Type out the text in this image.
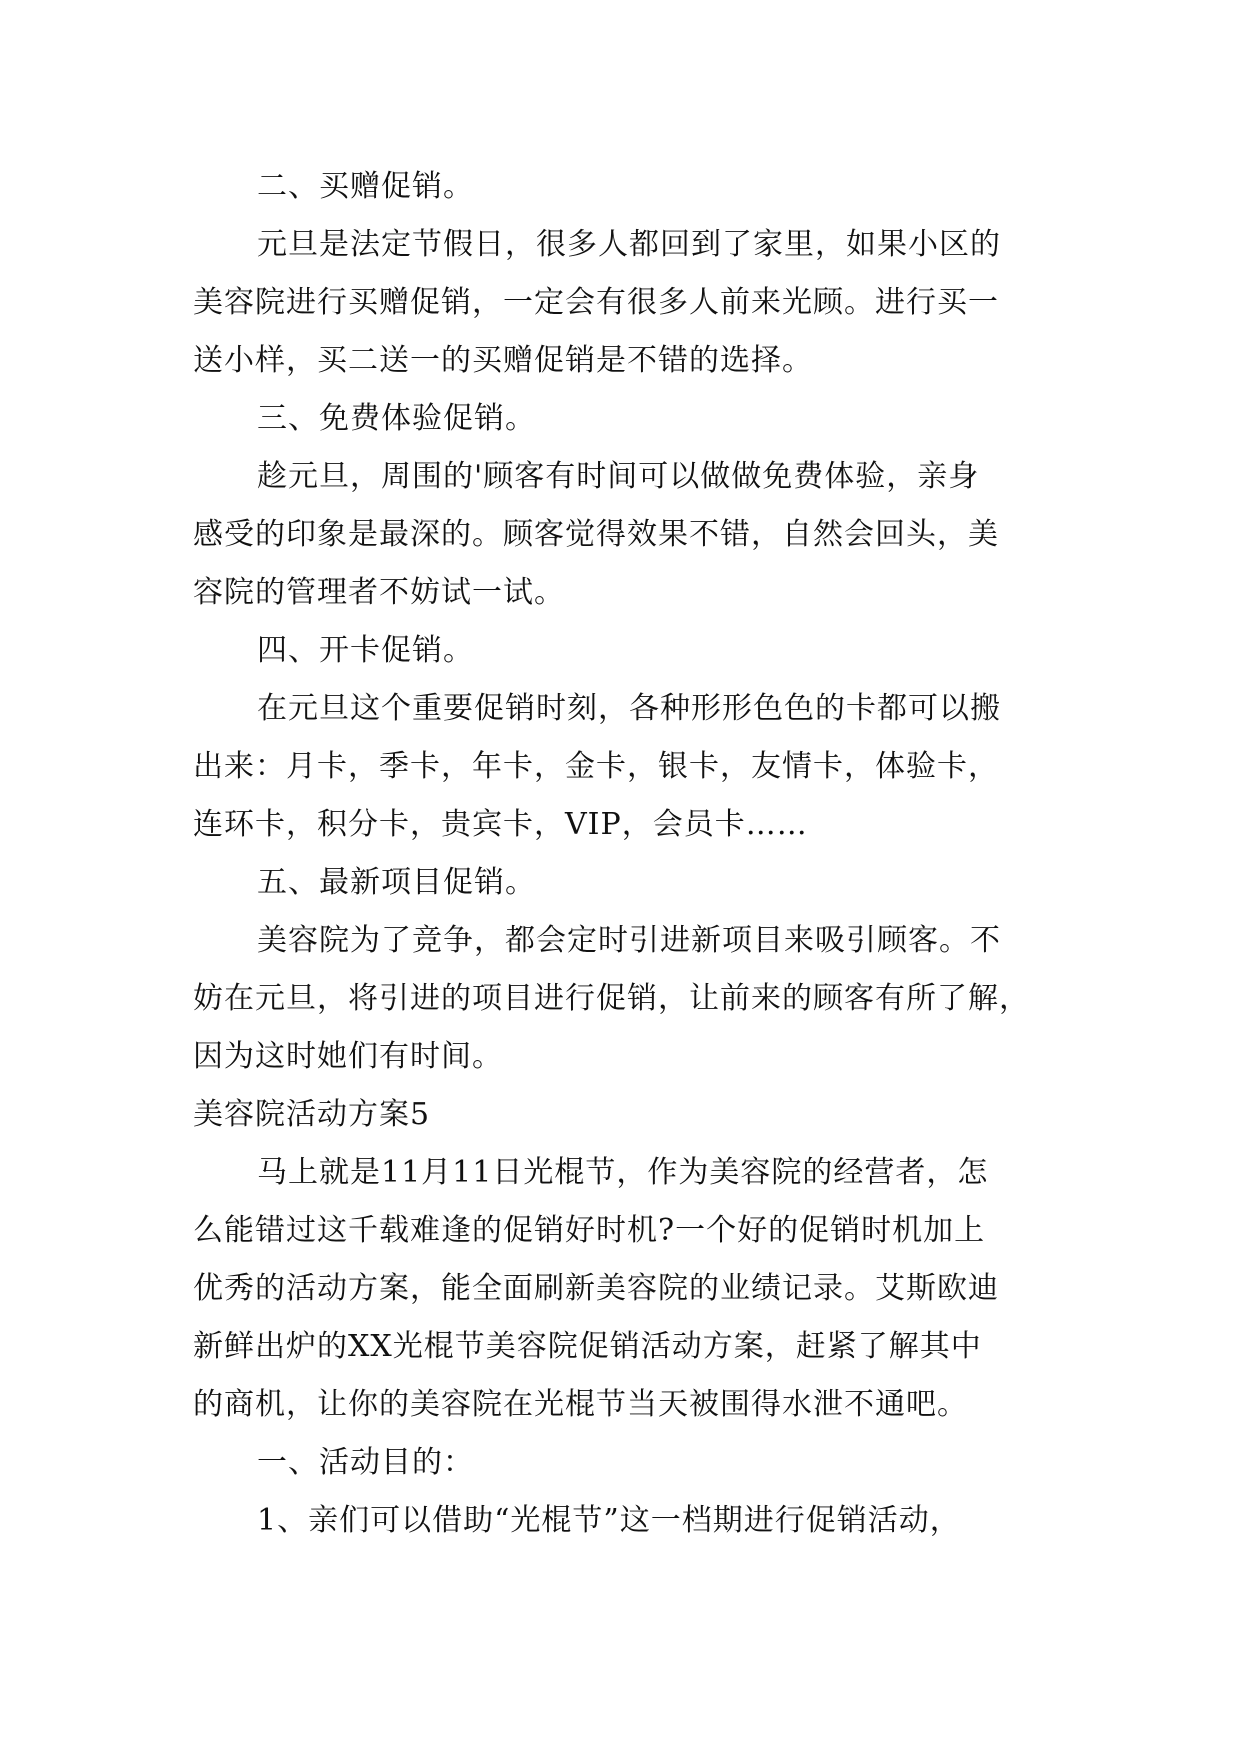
二、买赠促销。
元旦是法定节假日，很多人都回到了家里，如果小区的
美容院进行买赠促销，一定会有很多人前来光顾。进行买一
送小样，买二送一的买赠促销是不错的选择。
三、免费体验促销。
趁元旦，周围的'顾客有时间可以做做免费体验，亲身
感受的印象是最深的。顾客觉得效果不错，自然会回头，美
容院的管理者不妨试一试。
四、开卡促销。
在元旦这个重要促销时刻，各种形形色色的卡都可以搬
出来：月卡，季卡，年卡，金卡，银卡，友情卡，体验卡，
连环卡，积分卡，贵宾卡，VIP，会员卡……
五、最新项目促销。
美容院为了竞争，都会定时引进新项目来吸引顾客。不
妨在元旦，将引进的项目进行促销，让前来的顾客有所了解，
因为这时她们有时间。
美容院活动方案5
马上就是11月11日光棍节，作为美容院的经营者，怎
么能错过这千载难逢的促销好时机?一个好的促销时机加上
优秀的活动方案，能全面刷新美容院的业绩记录。艾斯欧迪
新鲜出炉的XX光棍节美容院促销活动方案，赶紧了解其中
的商机，让你的美容院在光棍节当天被围得水泄不通吧。
一、活动目的：
1、亲们可以借助“光棍节”这一档期进行促销活动，
